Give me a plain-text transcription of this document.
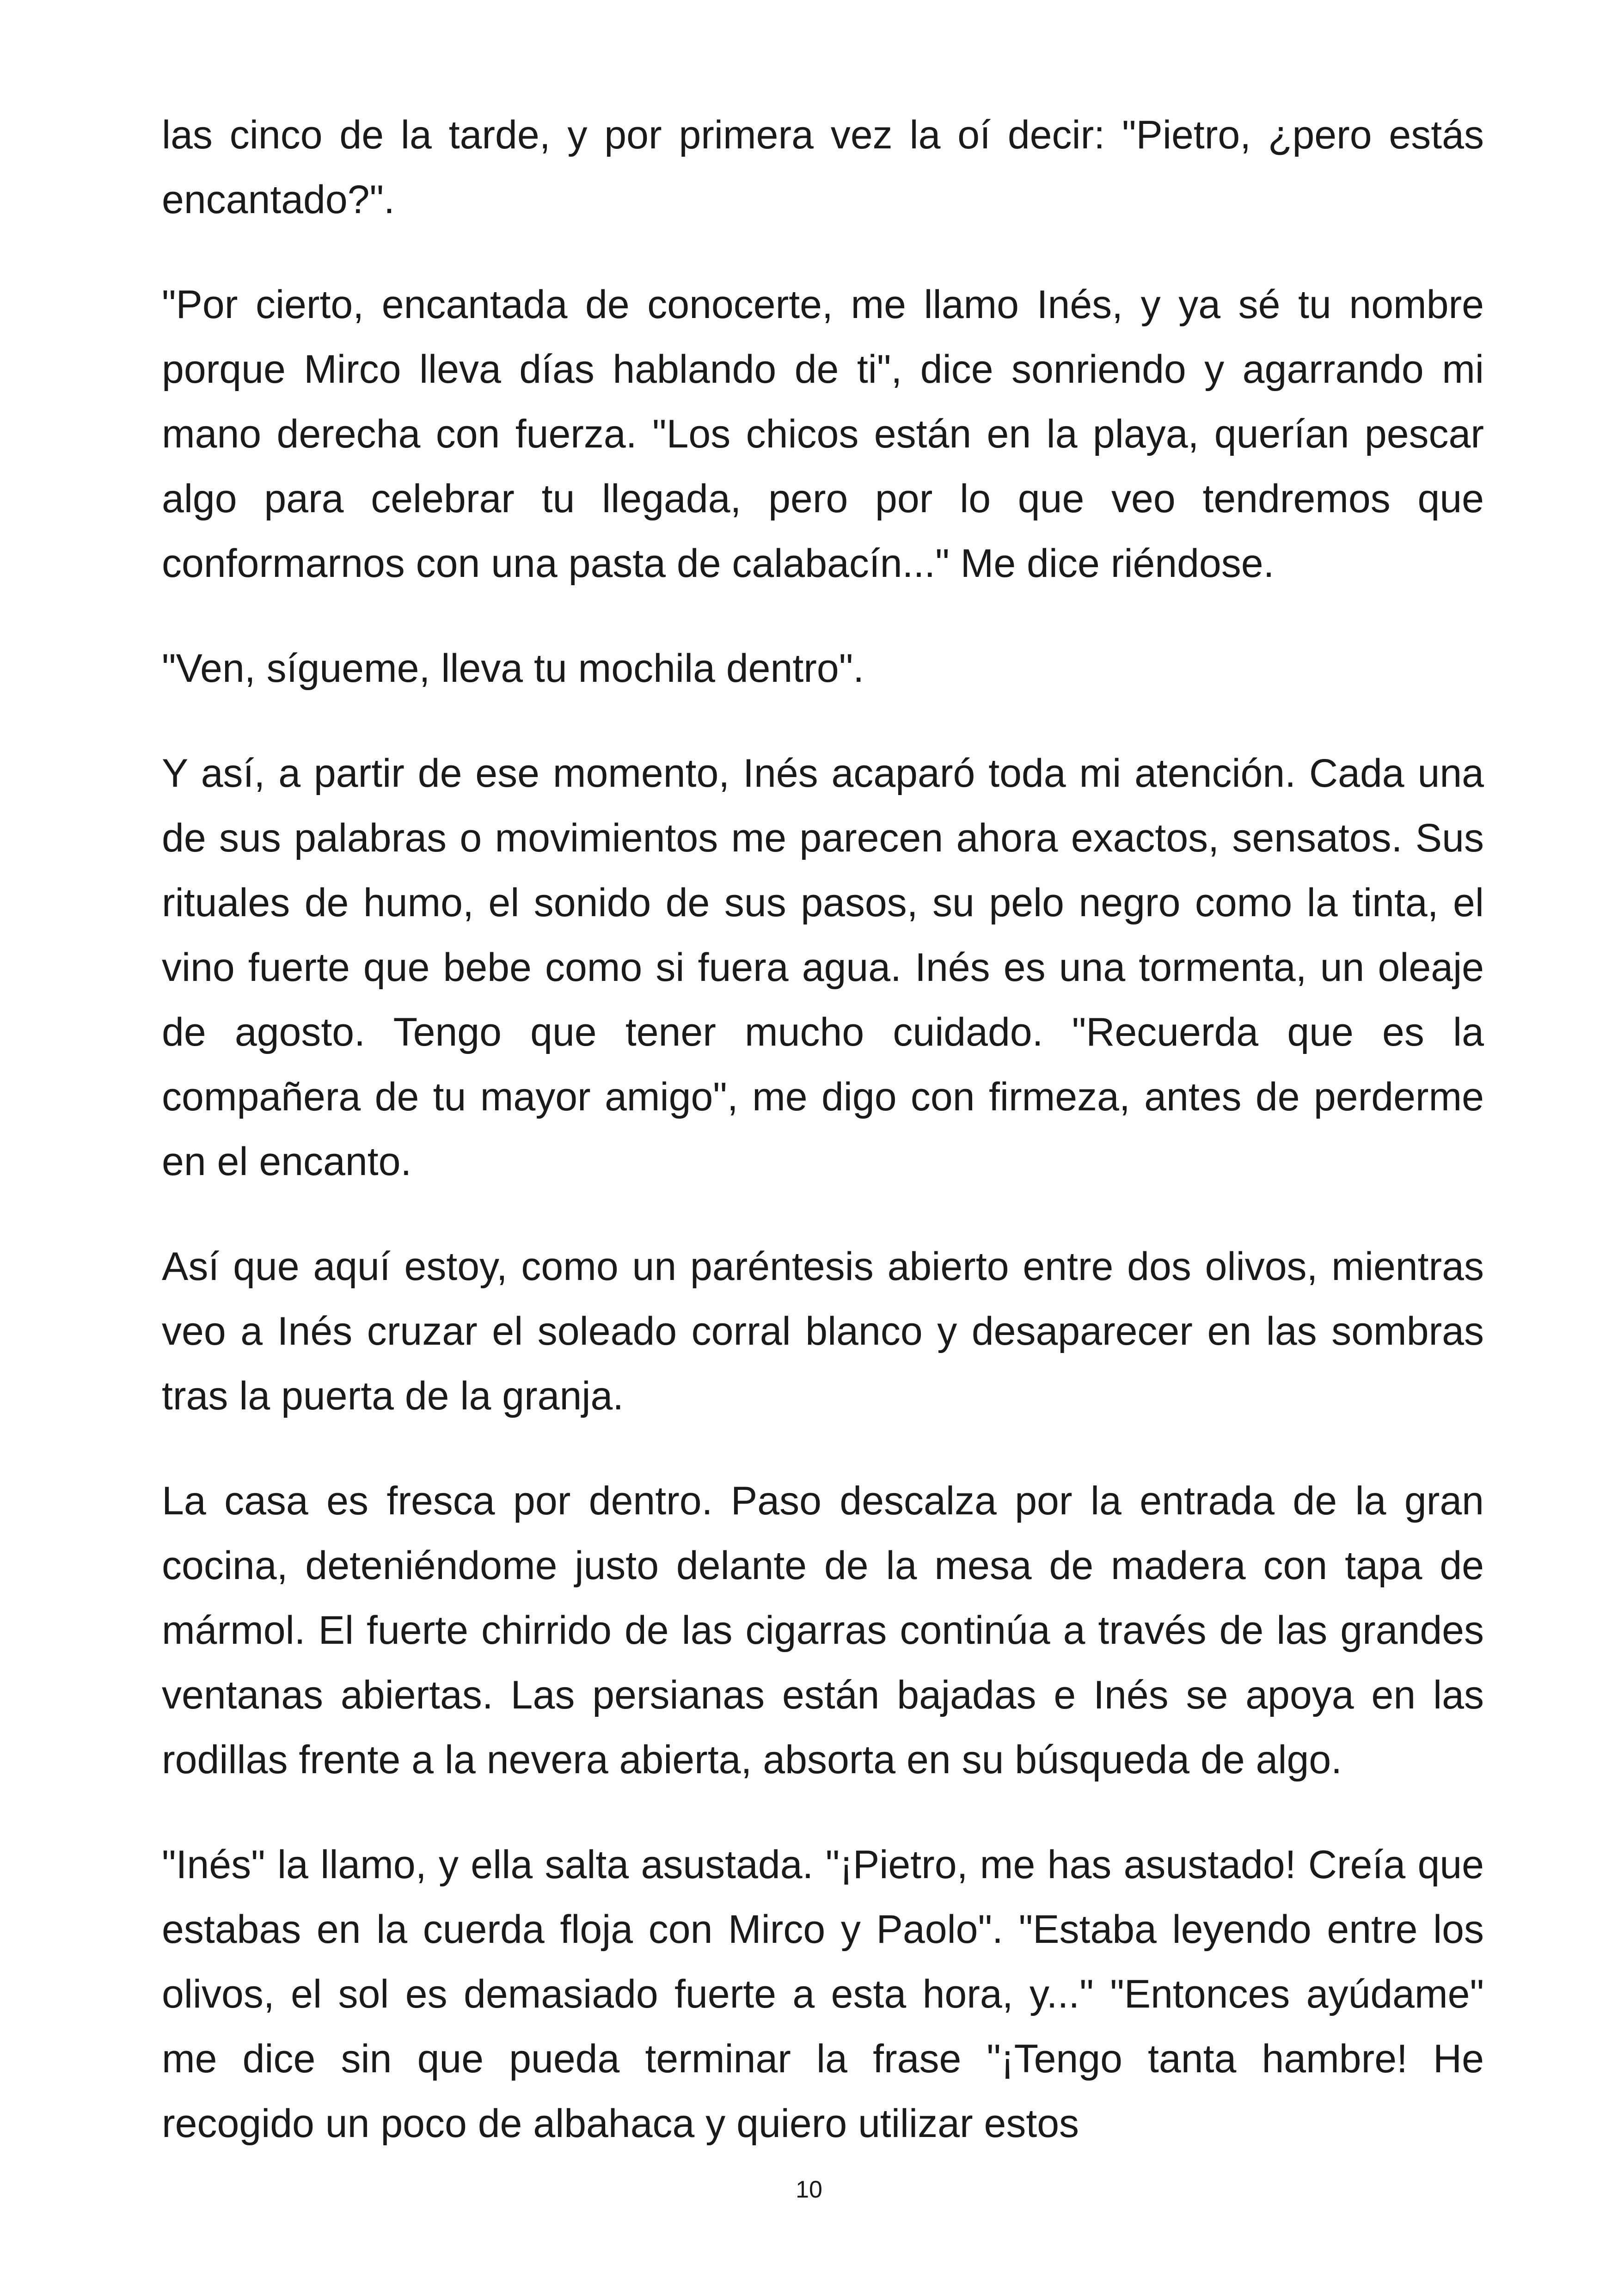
las cinco de la tarde, y por primera vez la oí decir: "Pietro, ¿pero estás encantado?".

"Por cierto, encantada de conocerte, me llamo Inés, y ya sé tu nombre porque Mirco lleva días hablando de ti", dice sonriendo y agarrando mi mano derecha con fuerza. "Los chicos están en la playa, querían pescar algo para celebrar tu llegada, pero por lo que veo tendremos que conformarnos con una pasta de calabacín..." Me dice riéndose.

"Ven, sígueme, lleva tu mochila dentro".

Y así, a partir de ese momento, Inés acaparó toda mi atención. Cada una de sus palabras o movimientos me parecen ahora exactos, sensatos. Sus rituales de humo, el sonido de sus pasos, su pelo negro como la tinta, el vino fuerte que bebe como si fuera agua. Inés es una tormenta, un oleaje de agosto. Tengo que tener mucho cuidado. "Recuerda que es la compañera de tu mayor amigo", me digo con firmeza, antes de perderme en el encanto.

Así que aquí estoy, como un paréntesis abierto entre dos olivos, mientras veo a Inés cruzar el soleado corral blanco y desaparecer en las sombras tras la puerta de la granja.

La casa es fresca por dentro. Paso descalza por la entrada de la gran cocina, deteniéndome justo delante de la mesa de madera con tapa de mármol. El fuerte chirrido de las cigarras continúa a través de las grandes ventanas abiertas. Las persianas están bajadas e Inés se apoya en las rodillas frente a la nevera abierta, absorta en su búsqueda de algo.

"Inés" la llamo, y ella salta asustada. "¡Pietro, me has asustado! Creía que estabas en la cuerda floja con Mirco y Paolo". "Estaba leyendo entre los olivos, el sol es demasiado fuerte a esta hora, y..." "Entonces ayúdame" me dice sin que pueda terminar la frase "¡Tengo tanta hambre! He recogido un poco de albahaca y quiero utilizar estos

10
